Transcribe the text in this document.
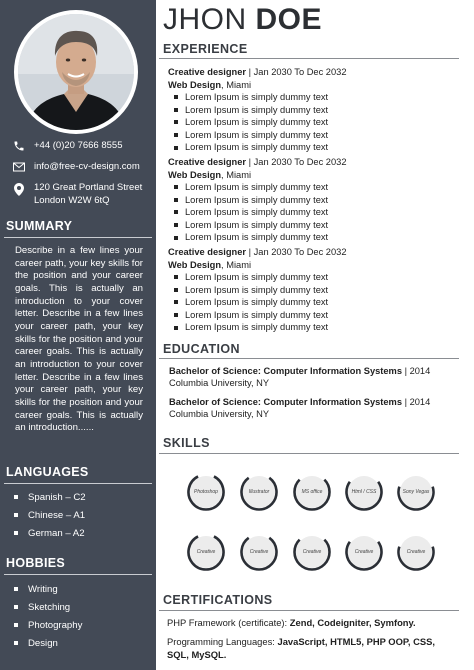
+44 (0)20 7666 8555
info@free-cv-design.com
120 Great Portland Street
London W2W 6tQ
SUMMARY
Describe in a few lines your career path, your key skills for the position and your career goals. This is actually an introduction to your cover letter. Describe in a few lines your career path, your key skills for the position and your career goals. This is actually an introduction to your cover letter. Describe in a few lines your career path, your key skills for the position and your career goals. This is actually an introduction......
LANGUAGES
Spanish – C2
Chinese – A1
German – A2
HOBBIES
Writing
Sketching
Photography
Design
JHON DOE
EXPERIENCE
Creative designer | Jan 2030 To Dec 2032
Web Design, Miami
Lorem Ipsum is simply dummy text
Lorem Ipsum is simply dummy text
Lorem Ipsum is simply dummy text
Lorem Ipsum is simply dummy text
Lorem Ipsum is simply dummy text
Creative designer | Jan 2030 To Dec 2032
Web Design, Miami
Lorem Ipsum is simply dummy text
Lorem Ipsum is simply dummy text
Lorem Ipsum is simply dummy text
Lorem Ipsum is simply dummy text
Lorem Ipsum is simply dummy text
Creative designer | Jan 2030 To Dec 2032
Web Design, Miami
Lorem Ipsum is simply dummy text
Lorem Ipsum is simply dummy text
Lorem Ipsum is simply dummy text
Lorem Ipsum is simply dummy text
Lorem Ipsum is simply dummy text
EDUCATION
Bachelor of Science: Computer Information Systems | 2014
Columbia University, NY
Bachelor of Science: Computer Information Systems | 2014
Columbia University, NY
SKILLS
Photoshop	Illustrator	MS office	Html / CSS	Sony Vegas
Creative	Creative	Creative	Creative	Creative
CERTIFICATIONS
PHP Framework (certificate): Zend, Codeigniter, Symfony.
Programming Languages: JavaScript, HTML5, PHP OOP, CSS, SQL, MySQL.
